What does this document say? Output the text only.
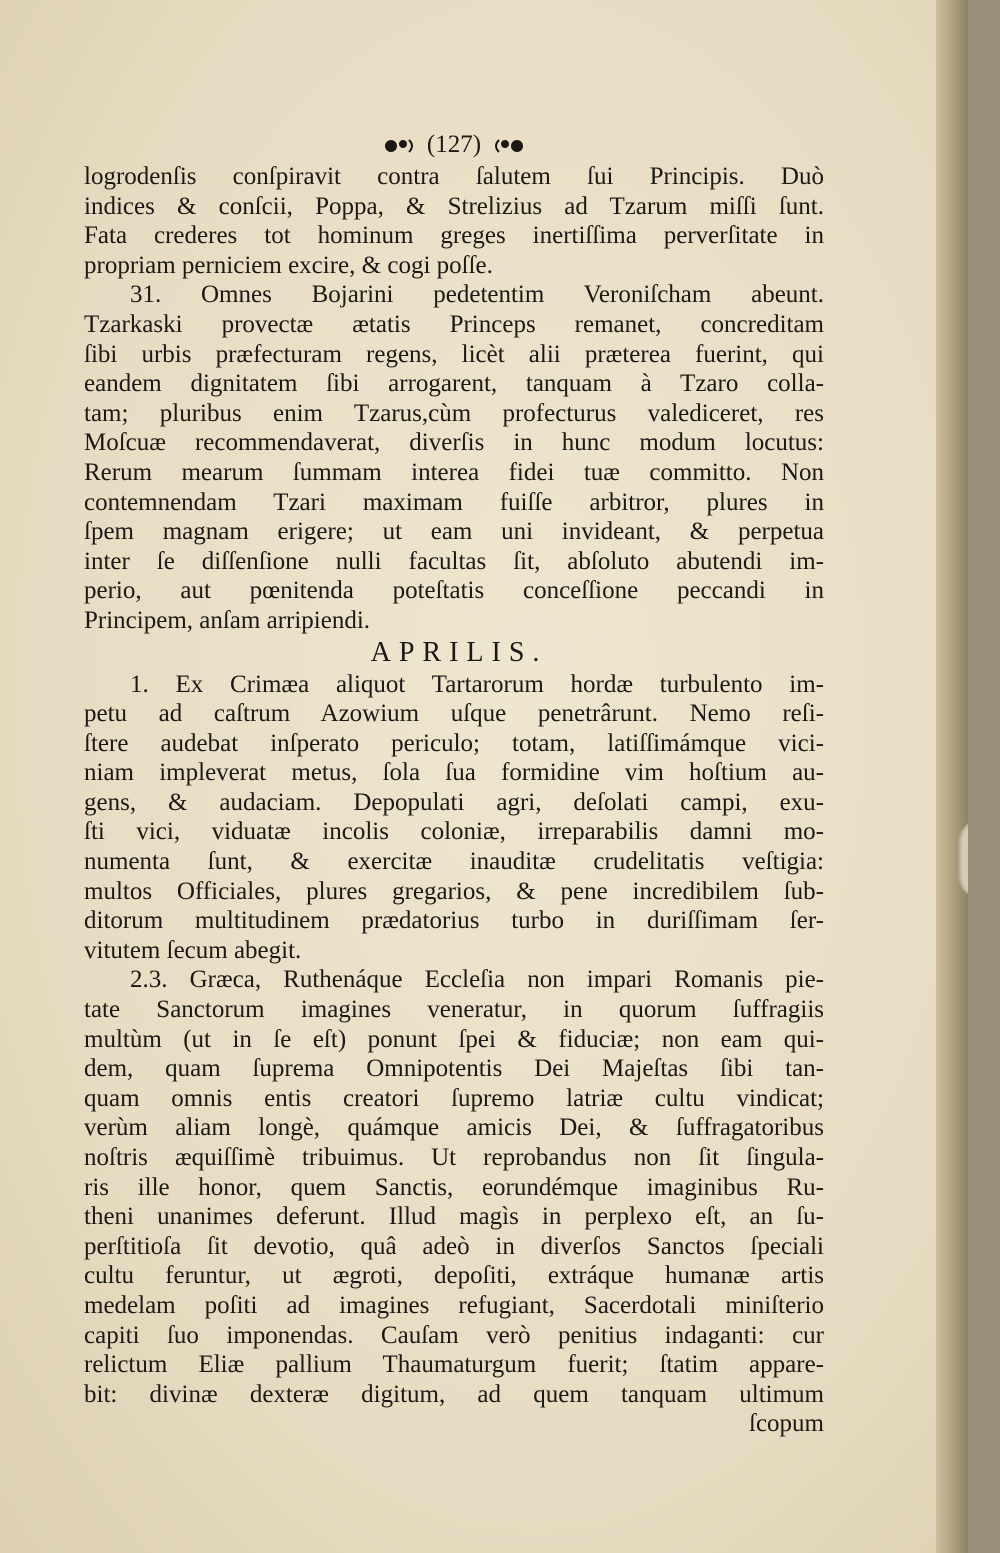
(127)
logrodenſis conſpiravit contra ſalutem ſui Principis. Duò
indices & conſcii, Poppa, & Strelizius ad Tzarum miſſi ſunt.
Fata crederes tot hominum greges inertiſſima perverſitate in
propriam perniciem excire, & cogi poſſe.
31. Omnes Bojarini pedetentim Veroniſcham abeunt.
Tzarkaski provectæ ætatis Princeps remanet, concreditam
ſibi urbis præfecturam regens, licèt alii præterea fuerint, qui
eandem dignitatem ſibi arrogarent, tanquam à Tzaro colla-
tam; pluribus enim Tzarus,cùm profecturus valediceret, res
Moſcuæ recommendaverat, diverſis in hunc modum locutus:
Rerum mearum ſummam interea fidei tuæ committo. Non
contemnendam Tzari maximam fuiſſe arbitror, plures in
ſpem magnam erigere; ut eam uni invideant, & perpetua
inter ſe diſſenſione nulli facultas ſit, abſoluto abutendi im-
perio, aut pœnitenda poteſtatis conceſſione peccandi in
Principem, anſam arripiendi.
APRILIS.
1. Ex Crimæa aliquot Tartarorum hordæ turbulento im-
petu ad caſtrum Azowium uſque penetrârunt. Nemo reſi-
ſtere audebat inſperato periculo; totam, latiſſimámque vici-
niam impleverat metus, ſola ſua formidine vim hoſtium au-
gens, & audaciam. Depopulati agri, deſolati campi, exu-
ſti vici, viduatæ incolis coloniæ, irreparabilis damni mo-
numenta ſunt, & exercitæ inauditæ crudelitatis veſtigia:
multos Officiales, plures gregarios, & pene incredibilem ſub-
ditorum multitudinem prædatorius turbo in duriſſimam ſer-
vitutem ſecum abegit.
2.3. Græca, Ruthenáque Eccleſia non impari Romanis pie-
tate Sanctorum imagines veneratur, in quorum ſuffragiis
multùm (ut in ſe eſt) ponunt ſpei & fiduciæ; non eam qui-
dem, quam ſuprema Omnipotentis Dei Majeſtas ſibi tan-
quam omnis entis creatori ſupremo latriæ cultu vindicat;
verùm aliam longè, quámque amicis Dei, & ſuffragatoribus
noſtris æquiſſimè tribuimus. Ut reprobandus non ſit ſingula-
ris ille honor, quem Sanctis, eorundémque imaginibus Ru-
theni unanimes deferunt. Illud magìs in perplexo eſt, an ſu-
perſtitioſa ſit devotio, quâ adeò in diverſos Sanctos ſpeciali
cultu feruntur, ut ægroti, depoſiti, extráque humanæ artis
medelam poſiti ad imagines refugiant, Sacerdotali miniſterio
capiti ſuo imponendas. Cauſam verò penitius indaganti: cur
relictum Eliæ pallium Thaumaturgum fuerit; ſtatim appare-
bit: divinæ dexteræ digitum, ad quem tanquam ultimum
ſcopum
